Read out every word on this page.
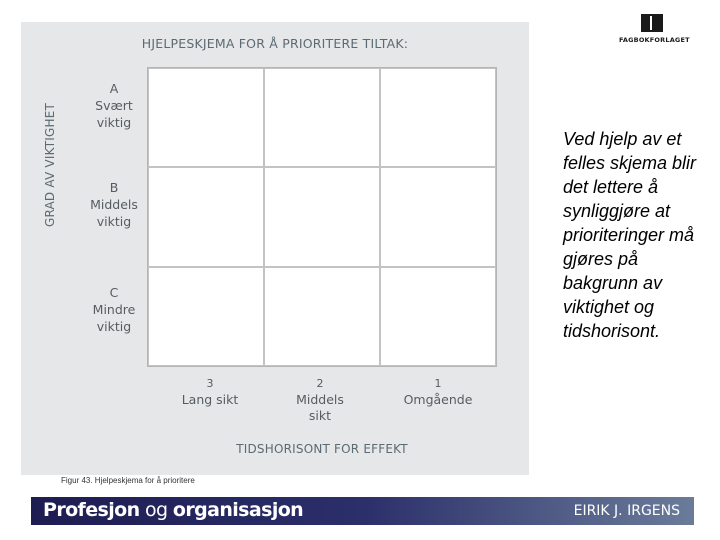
HJELPESKJEMA FOR Å PRIORITERE TILTAK:
GRAD AV VIKTIGHET
A
Svært
viktig
B
Middels
viktig
C
Mindre
viktig
3
Lang sikt
2
Middels
sikt
1
Omgående
TIDSHORISONT FOR EFFEKT
Figur 43. Hjelpeskjema for å prioritere
FAGBOKFORLAGET
Ved hjelp av et felles skjema blir det lettere å synliggjøre at prioriteringer må gjøres på bakgrunn av viktighet og tidshorisont.
Profesjon og organisasjon	EIRIK J. IRGENS
